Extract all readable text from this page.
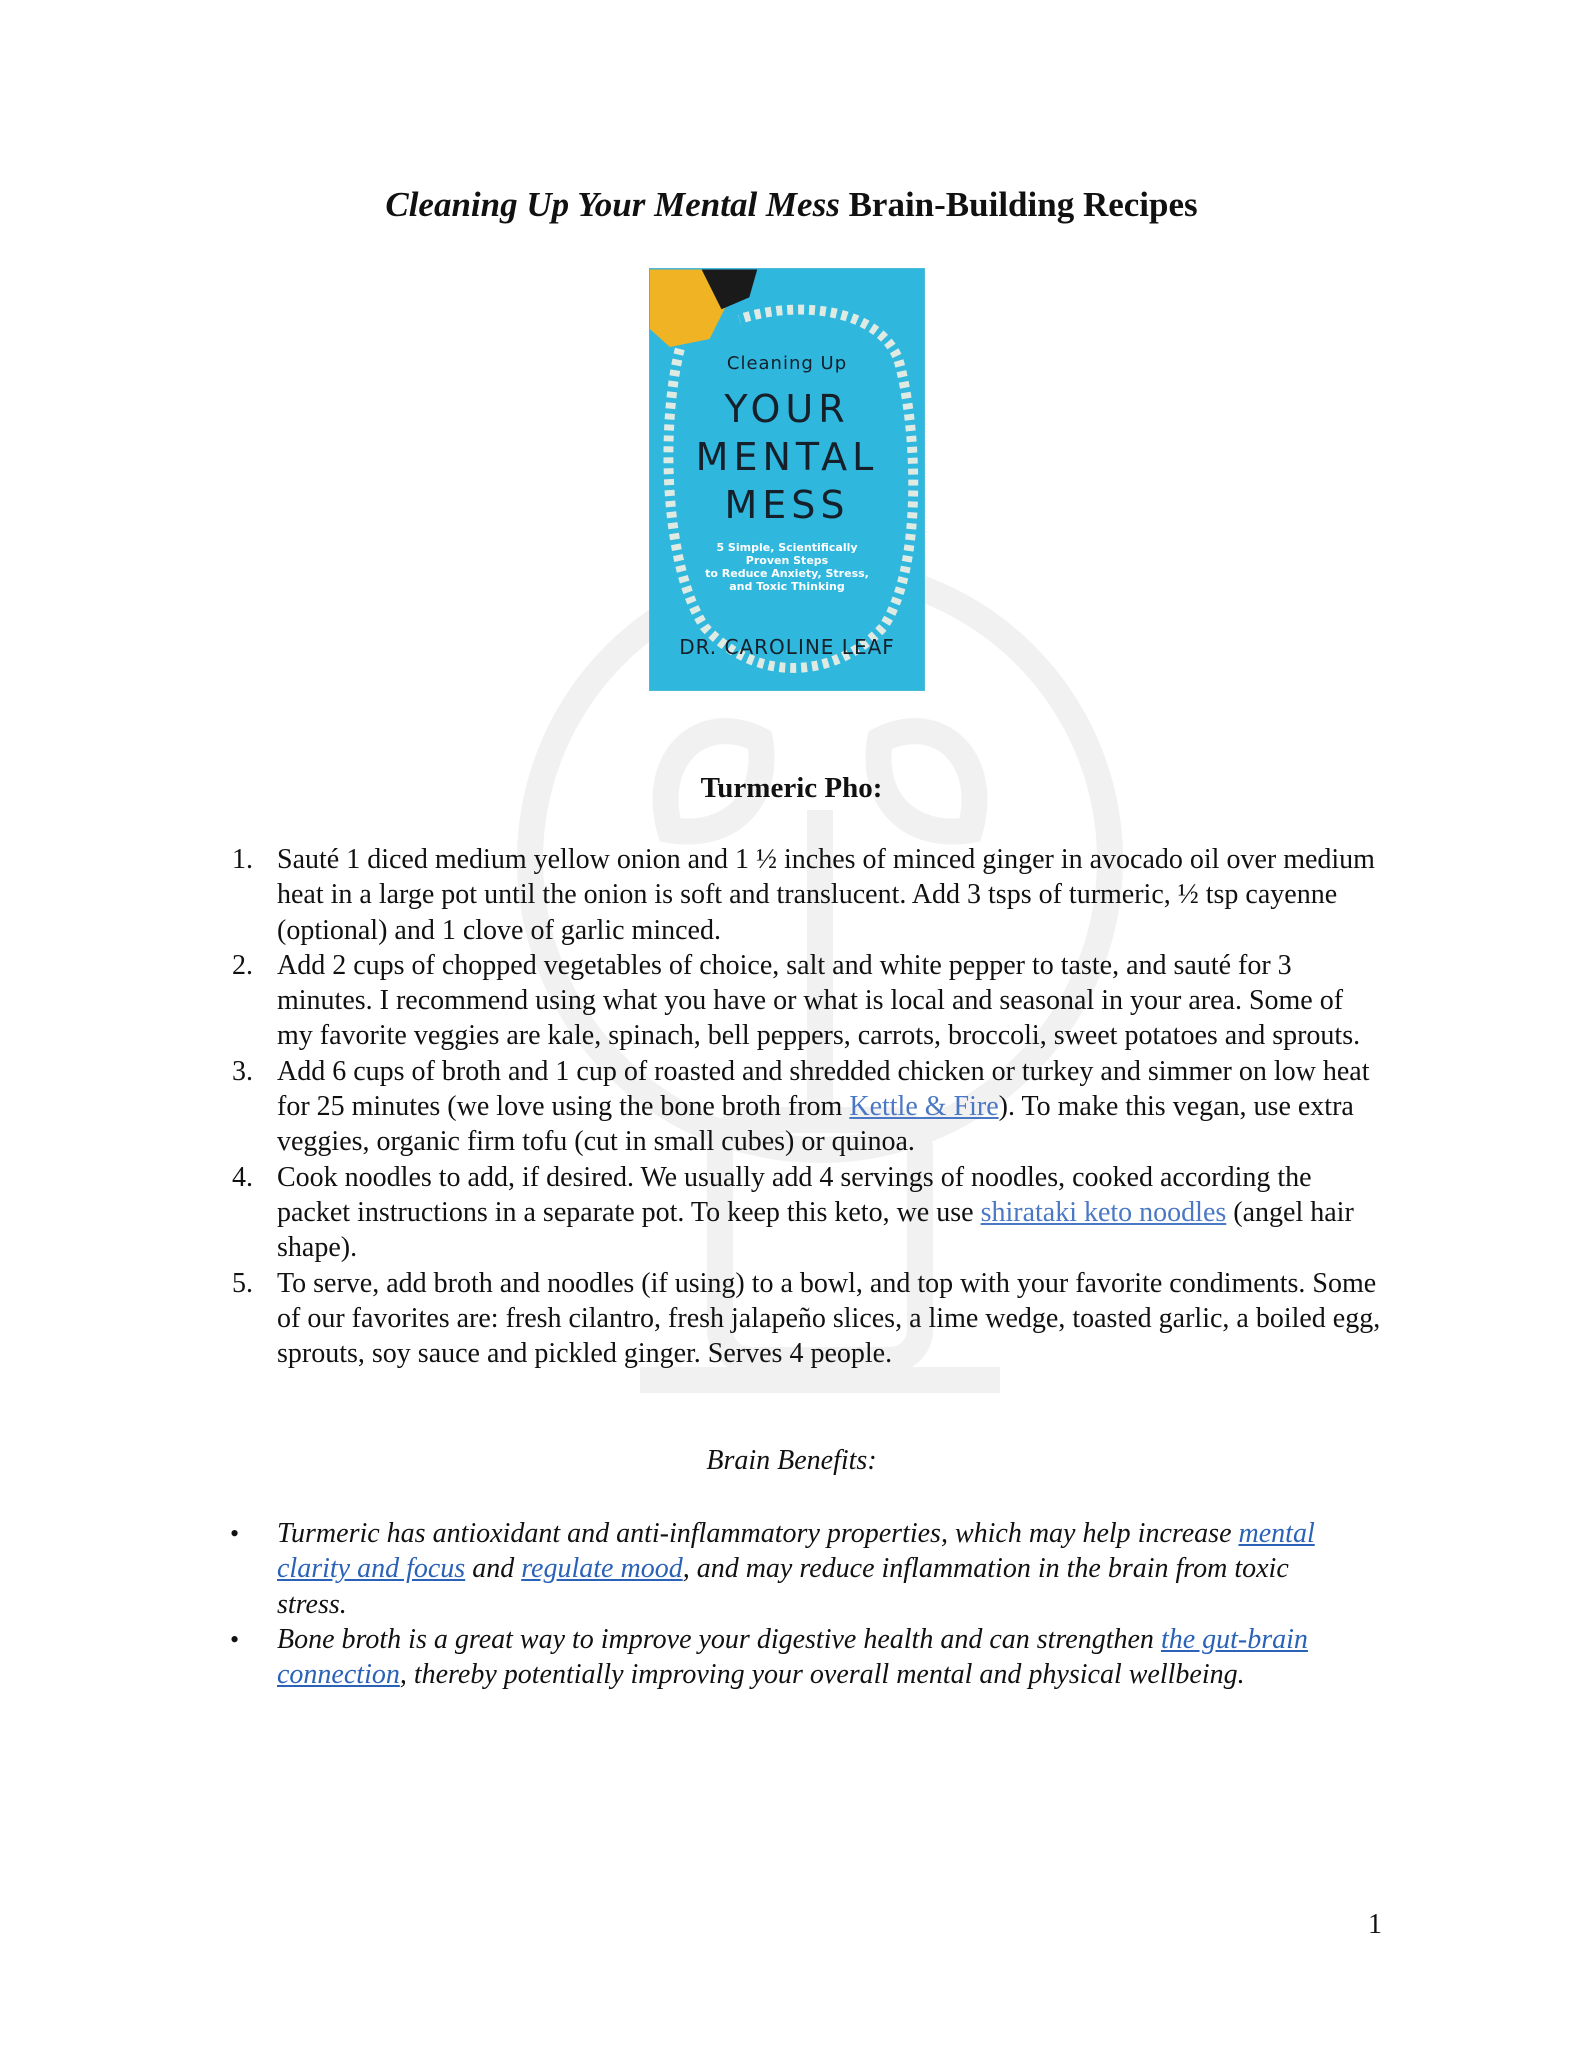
Cleaning Up Your Mental Mess Brain-Building Recipes
Cleaning Up
YOUR
MENTAL
MESS
5 Simple, Scientifically
Proven Steps
to Reduce Anxiety, Stress,
and Toxic Thinking
DR. CAROLINE LEAF
Turmeric Pho:
1. Sauté 1 diced medium yellow onion and 1 ½ inches of minced ginger in avocado oil over medium heat in a large pot until the onion is soft and translucent. Add 3 tsps of turmeric, ½ tsp cayenne (optional) and 1 clove of garlic minced.
2. Add 2 cups of chopped vegetables of choice, salt and white pepper to taste, and sauté for 3 minutes. I recommend using what you have or what is local and seasonal in your area. Some of my favorite veggies are kale, spinach, bell peppers, carrots, broccoli, sweet potatoes and sprouts.
3. Add 6 cups of broth and 1 cup of roasted and shredded chicken or turkey and simmer on low heat for 25 minutes (we love using the bone broth from Kettle & Fire). To make this vegan, use extra veggies, organic firm tofu (cut in small cubes) or quinoa.
4. Cook noodles to add, if desired. We usually add 4 servings of noodles, cooked according the packet instructions in a separate pot. To keep this keto, we use shirataki keto noodles (angel hair shape).
5. To serve, add broth and noodles (if using) to a bowl, and top with your favorite condiments. Some of our favorites are: fresh cilantro, fresh jalapeño slices, a lime wedge, toasted garlic, a boiled egg, sprouts, soy sauce and pickled ginger. Serves 4 people.
Brain Benefits:
• Turmeric has antioxidant and anti-inflammatory properties, which may help increase mental clarity and focus and regulate mood, and may reduce inflammation in the brain from toxic stress.
• Bone broth is a great way to improve your digestive health and can strengthen the gut-brain connection, thereby potentially improving your overall mental and physical wellbeing.
1
